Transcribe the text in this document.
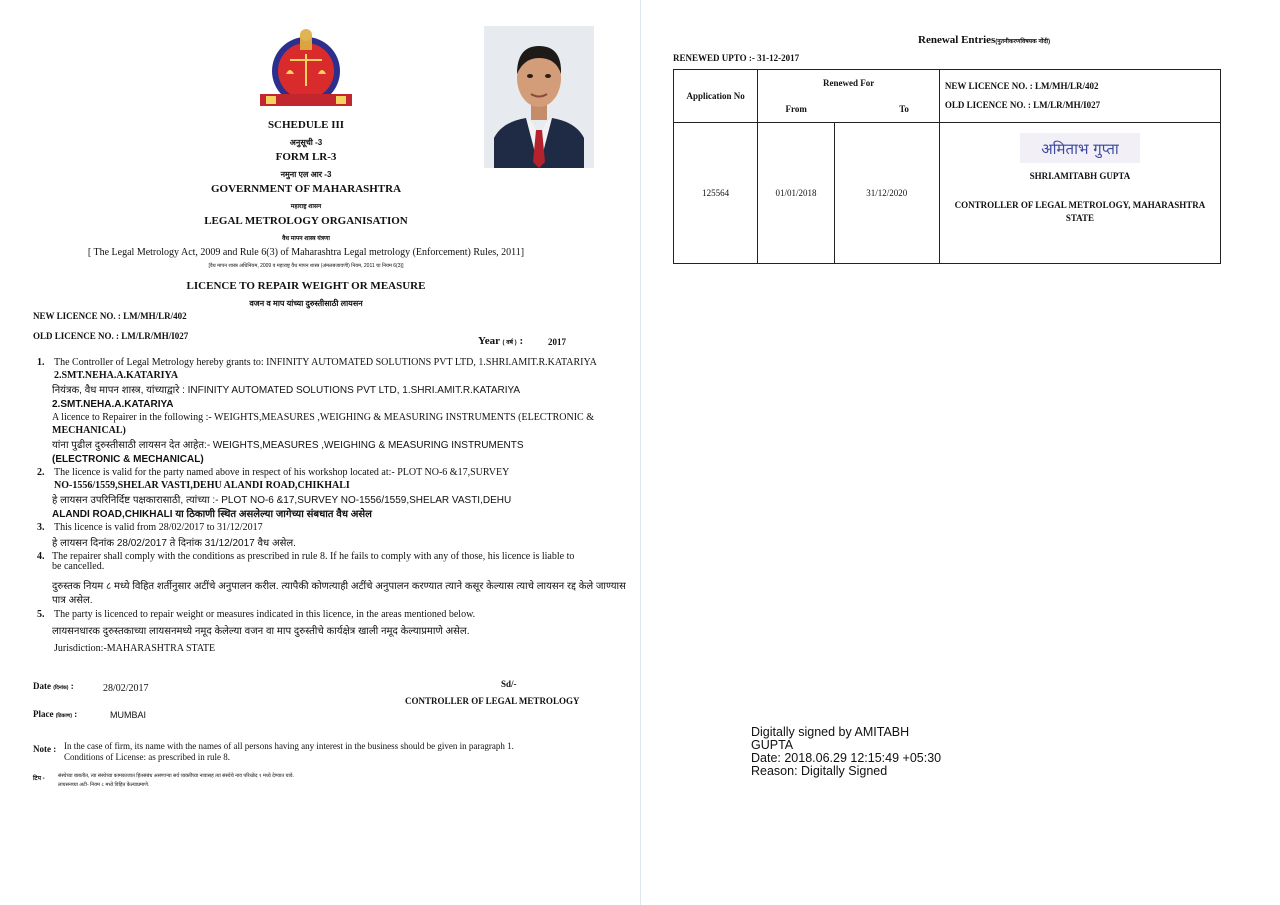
SCHEDULE III
अनुसूची -3
FORM LR-3
नमुना एल आर -3
GOVERNMENT OF MAHARASHTRA
महाराष्ट्र शासन
LEGAL METROLOGY ORGANISATION
वैध मापन शास्त्र यंत्रणा
[ The Legal Metrology Act, 2009 and Rule 6(3) of Maharashtra Legal metrology (Enforcement) Rules, 2011]
[वैध मापन शास्त्र अधिनियम, 2009 व महाराष्ट्र वैध मापन शास्त्र (अंमलबजावणी) नियम, 2011 चा नियम 6(3)]
LICENCE TO REPAIR WEIGHT OR MEASURE
वजन व माप यांच्या दुरुस्तीसाठी लायसन
NEW LICENCE NO. : LM/MH/LR/402
OLD LICENCE NO. : LM/LR/MH/I027	Year ( वर्ष ) :	2017
1. The Controller of Legal Metrology hereby grants to: INFINITY AUTOMATED SOLUTIONS PVT LTD, 1.SHRI.AMIT.R.KATARIYA
2.SMT.NEHA.A.KATARIYA
नियंत्रक, वैध मापन शास्त्र, यांच्याद्वारे : INFINITY AUTOMATED SOLUTIONS PVT LTD, 1.SHRI.AMIT.R.KATARIYA
2.SMT.NEHA.A.KATARIYA
A licence to Repairer in the following :- WEIGHTS,MEASURES ,WEIGHING & MEASURING INSTRUMENTS (ELECTRONIC &
MECHANICAL)
यांना पुढील दुरुस्तीसाठी लायसन देत आहेत:- WEIGHTS,MEASURES ,WEIGHING & MEASURING INSTRUMENTS
(ELECTRONIC & MECHANICAL)
2. The licence is valid for the party named above in respect of his workshop located at:- PLOT NO-6 &17,SURVEY
NO-1556/1559,SHELAR VASTI,DEHU ALANDI ROAD,CHIKHALI
हे लायसन उपरिनिर्दिष्ट पक्षकारासाठी, त्यांच्या :- PLOT NO-6 &17,SURVEY NO-1556/1559,SHELAR VASTI,DEHU
ALANDI ROAD,CHIKHALI या ठिकाणी स्थित असलेल्या जागेच्या संबधात वैध असेल
3. This licence is valid from 28/02/2017 to 31/12/2017
हे लायसन दिनांक 28/02/2017 ते दिनांक 31/12/2017 वैध असेल.
4. The repairer shall comply with the conditions as prescribed in rule 8. If he fails to comply with any of those, his licence is liable to
be cancelled.
दुरुस्तक नियम ८ मध्ये विहित शर्तीनुसार अटींचे अनुपालन करील. त्यापैकी कोणत्याही अटींचे अनुपालन करण्यात त्याने कसूर केल्यास त्याचे लायसन रद्द केले जाण्यास पात्र असेल.
5. The party is licenced to repair weight or measures indicated in this licence, in the areas mentioned below.
लायसनधारक दुरुस्तकाच्या लायसनमध्ये नमूद केलेल्या वजन वा माप दुरुस्तीचे कार्यक्षेत्र खाली नमूद केल्याप्रमाणे असेल.
Jurisdiction:-MAHARASHTRA STATE
Date (दिनांक) :	28/02/2017	Sd/-
CONTROLLER OF LEGAL METROLOGY
Place (ठिकाण) :	MUMBAI
Note : In the case of firm, its name with the names of all persons having any interest in the business should be given in paragraph 1.
Conditions of License: as prescribed in rule 8.
टिप -	संस्थेच्या बाबतीत, त्या संस्थेच्या कामकाजात हितसंबंध असणाऱ्या सर्व व्यक्तींच्या नावासह त्या संस्थेचे नाव परिच्छेद १ मध्ये देण्यात यावे.
लायसनच्या अटी- नियम ८ मध्ये विहित केल्याप्रमाणे.
Renewal Entries(नुतनीकरणविषयक नोंदी)
RENEWED UPTO :- 31-12-2017
Application No	Renewed For		NEW LICENCE NO. : LM/MH/LR/402
OLD LICENCE NO. : LM/LR/MH/I027

	From	To	
125564	01/01/2018	31/12/2020	अमिताभ गुप्ता
SHRI.AMITABH GUPTA
CONTROLLER OF LEGAL METROLOGY, MAHARASHTRA STATE
Digitally signed by AMITABH
GUPTA
Date: 2018.06.29 12:15:49 +05:30
Reason: Digitally Signed
